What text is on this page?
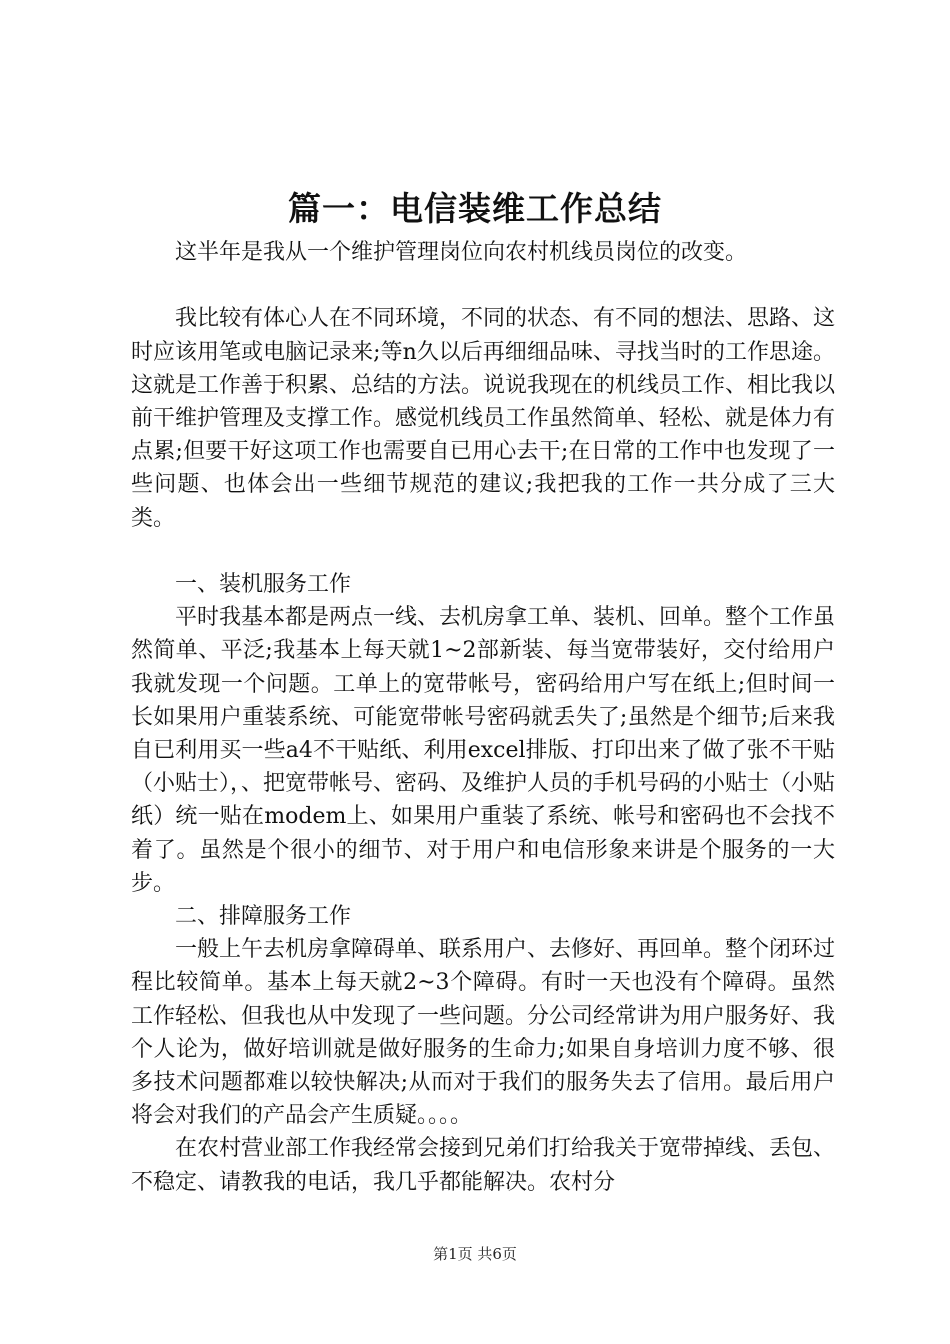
篇一：电信装维工作总结

这半年是我从一个维护管理岗位向农村机线员岗位的改变。

我比较有体心人在不同环境，不同的状态、有不同的想法、思路、这时应该用笔或电脑记录来;等n久以后再细细品味、寻找当时的工作思途。这就是工作善于积累、总结的方法。说说我现在的机线员工作、相比我以前干维护管理及支撑工作。感觉机线员工作虽然简单、轻松、就是体力有点累;但要干好这项工作也需要自已用心去干;在日常的工作中也发现了一些问题、也体会出一些细节规范的建议;我把我的工作一共分成了三大类。

一、装机服务工作

平时我基本都是两点一线、去机房拿工单、装机、回单。整个工作虽然简单、平泛;我基本上每天就1~2部新装、每当宽带装好，交付给用户我就发现一个问题。工单上的宽带帐号，密码给用户写在纸上;但时间一长如果用户重装系统、可能宽带帐号密码就丢失了;虽然是个细节;后来我自已利用买一些a4不干贴纸、利用excel排版、打印出来了做了张不干贴（小贴士），、把宽带帐号、密码、及维护人员的手机号码的小贴士（小贴纸）统一贴在modem上、如果用户重装了系统、帐号和密码也不会找不着了。虽然是个很小的细节、对于用户和电信形象来讲是个服务的一大步。

二、排障服务工作

一般上午去机房拿障碍单、联系用户、去修好、再回单。整个闭环过程比较简单。基本上每天就2~3个障碍。有时一天也没有个障碍。虽然工作轻松、但我也从中发现了一些问题。分公司经常讲为用户服务好、我个人论为，做好培训就是做好服务的生命力;如果自身培训力度不够、很多技术问题都难以较快解决;从而对于我们的服务失去了信用。最后用户将会对我们的产品会产生质疑。。。。

在农村营业部工作我经常会接到兄弟们打给我关于宽带掉线、丢包、不稳定、请教我的电话，我几乎都能解决。农村分

第1页 共6页
